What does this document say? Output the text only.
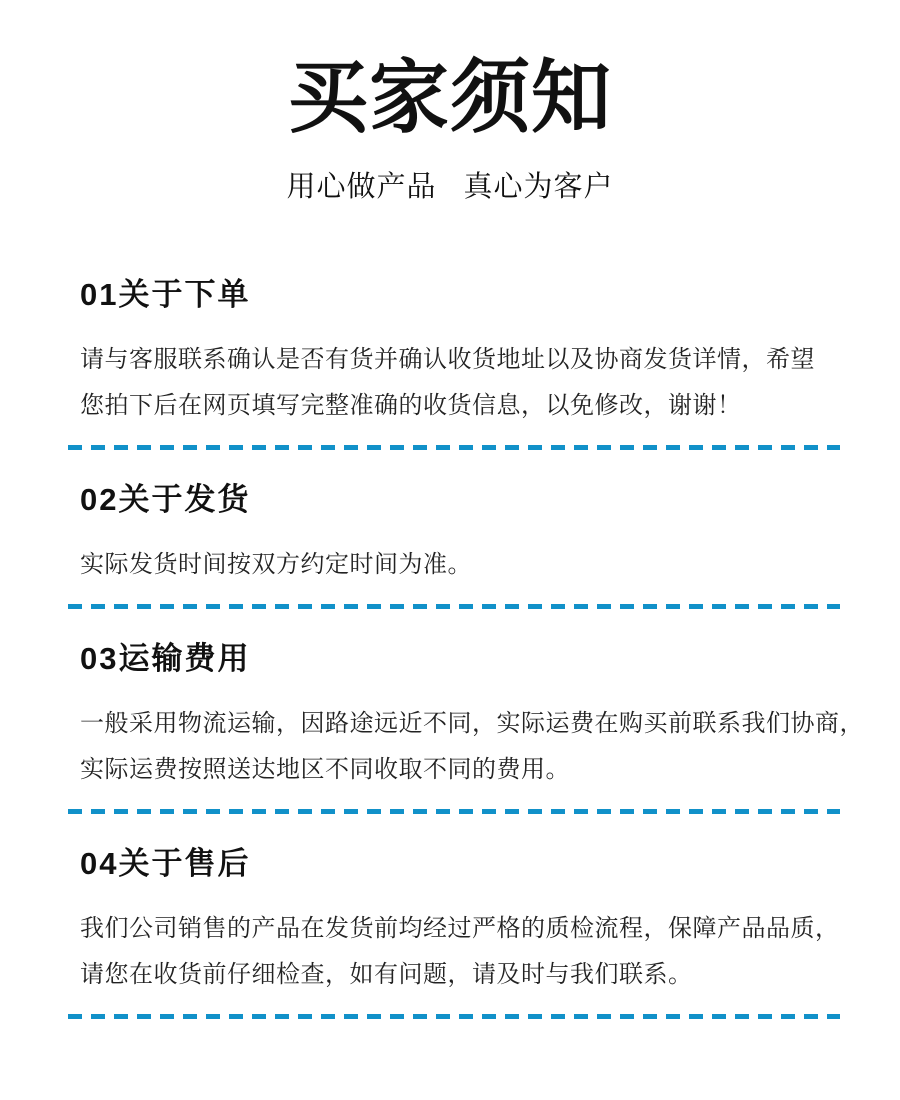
买家须知

用心做产品 真心为客户

01关于下单
请与客服联系确认是否有货并确认收货地址以及协商发货详情，希望
您拍下后在网页填写完整准确的收货信息，以免修改，谢谢！
02关于发货
实际发货时间按双方约定时间为准。
03运输费用
一般采用物流运输，因路途远近不同，实际运费在购买前联系我们协商，
实际运费按照送达地区不同收取不同的费用。
04关于售后
我们公司销售的产品在发货前均经过严格的质检流程，保障产品品质，
请您在收货前仔细检查，如有问题，请及时与我们联系。
